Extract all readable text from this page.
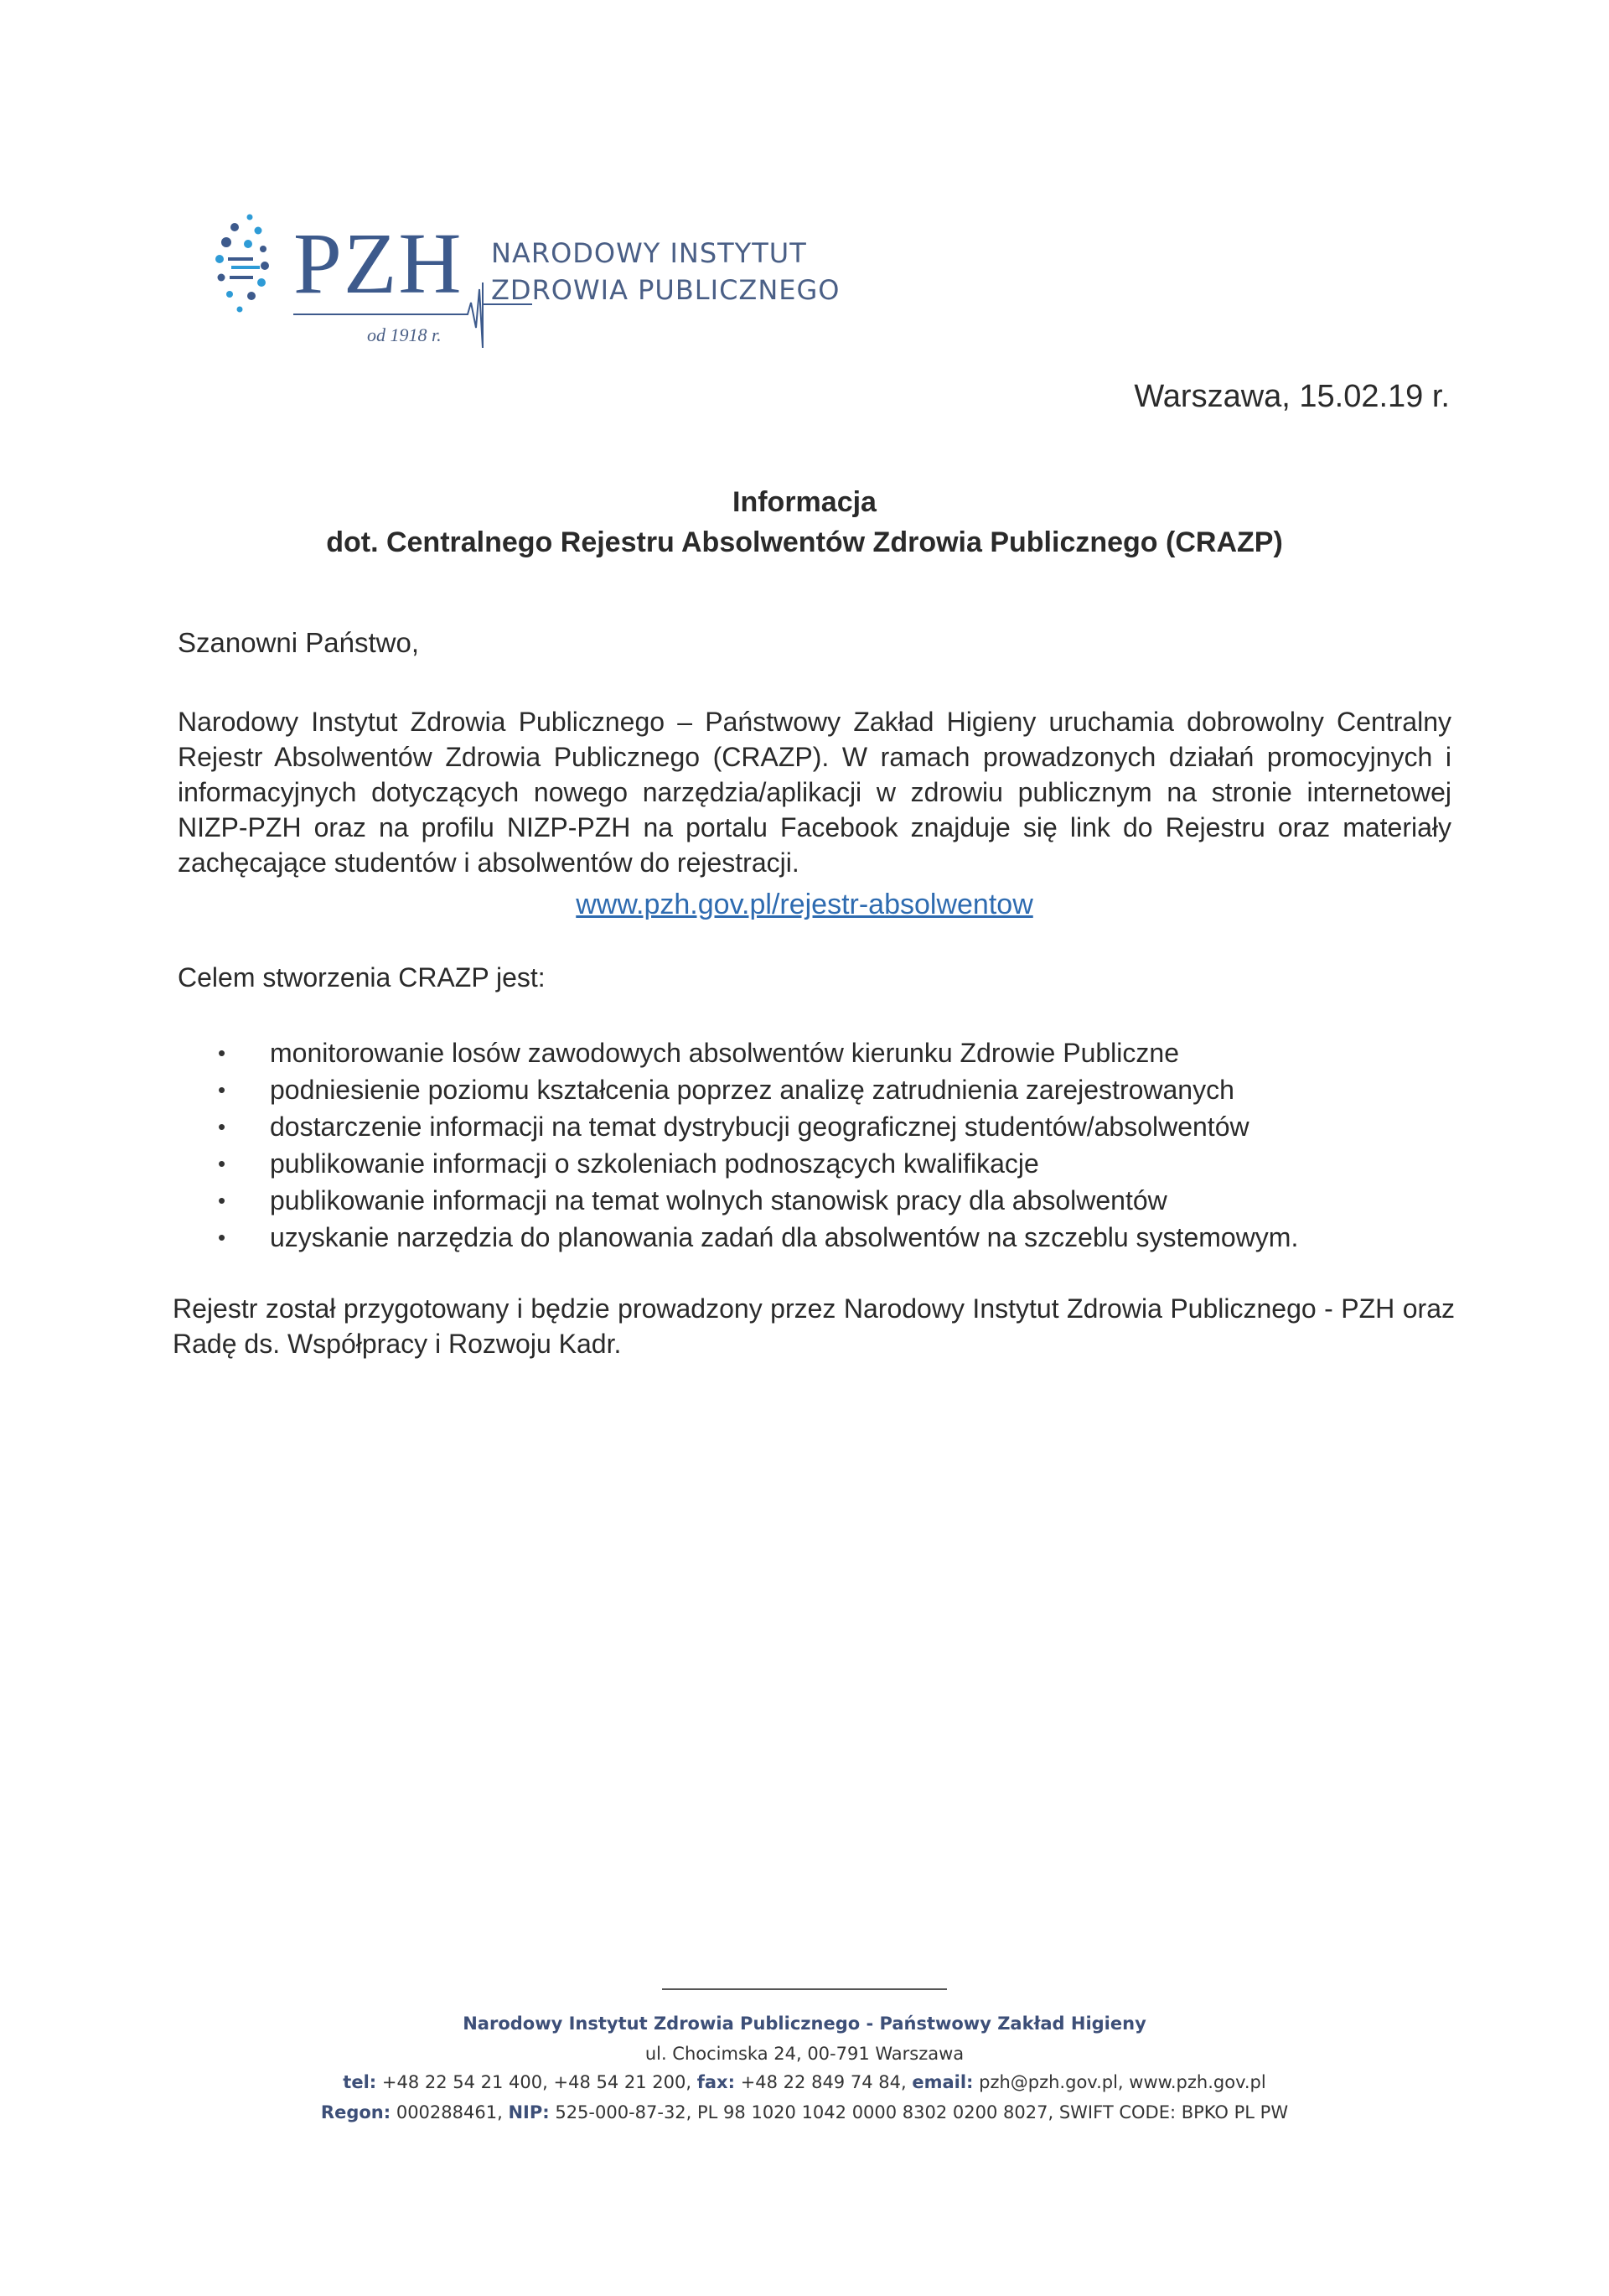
PZH NARODOWY INSTYTUT
ZDROWIA PUBLICZNEGO
od 1918 r.
Warszawa, 15.02.19 r.
Informacja
dot. Centralnego Rejestru Absolwentów Zdrowia Publicznego (CRAZP)
Szanowni Państwo,

Narodowy Instytut Zdrowia Publicznego – Państwowy Zakład Higieny uruchamia dobrowolny Centralny Rejestr Absolwentów Zdrowia Publicznego (CRAZP). W ramach prowadzonych działań promocyjnych i informacyjnych dotyczących nowego narzędzia/aplikacji w zdrowiu publicznym na stronie internetowej NIZP-PZH oraz na profilu NIZP-PZH na portalu Facebook znajduje się link do Rejestru oraz materiały zachęcające studentów i absolwentów do rejestracji.

www.pzh.gov.pl/rejestr-absolwentow
Celem stworzenia CRAZP jest:
• monitorowanie losów zawodowych absolwentów kierunku Zdrowie Publiczne
• podniesienie poziomu kształcenia poprzez analizę zatrudnienia zarejestrowanych
• dostarczenie informacji na temat dystrybucji geograficznej studentów/absolwentów
• publikowanie informacji o szkoleniach podnoszących kwalifikacje
• publikowanie informacji na temat wolnych stanowisk pracy dla absolwentów
• uzyskanie narzędzia do planowania zadań dla absolwentów na szczeblu systemowym.

Rejestr został przygotowany i będzie prowadzony przez Narodowy Instytut Zdrowia Publicznego - PZH oraz Radę ds. Współpracy i Rozwoju Kadr.

Narodowy Instytut Zdrowia Publicznego - Państwowy Zakład Higieny
ul. Chocimska 24, 00-791 Warszawa
tel: +48 22 54 21 400, +48 54 21 200, fax: +48 22 849 74 84, email: pzh@pzh.gov.pl, www.pzh.gov.pl
Regon: 000288461, NIP: 525-000-87-32, PL 98 1020 1042 0000 8302 0200 8027, SWIFT CODE: BPKO PL PW
